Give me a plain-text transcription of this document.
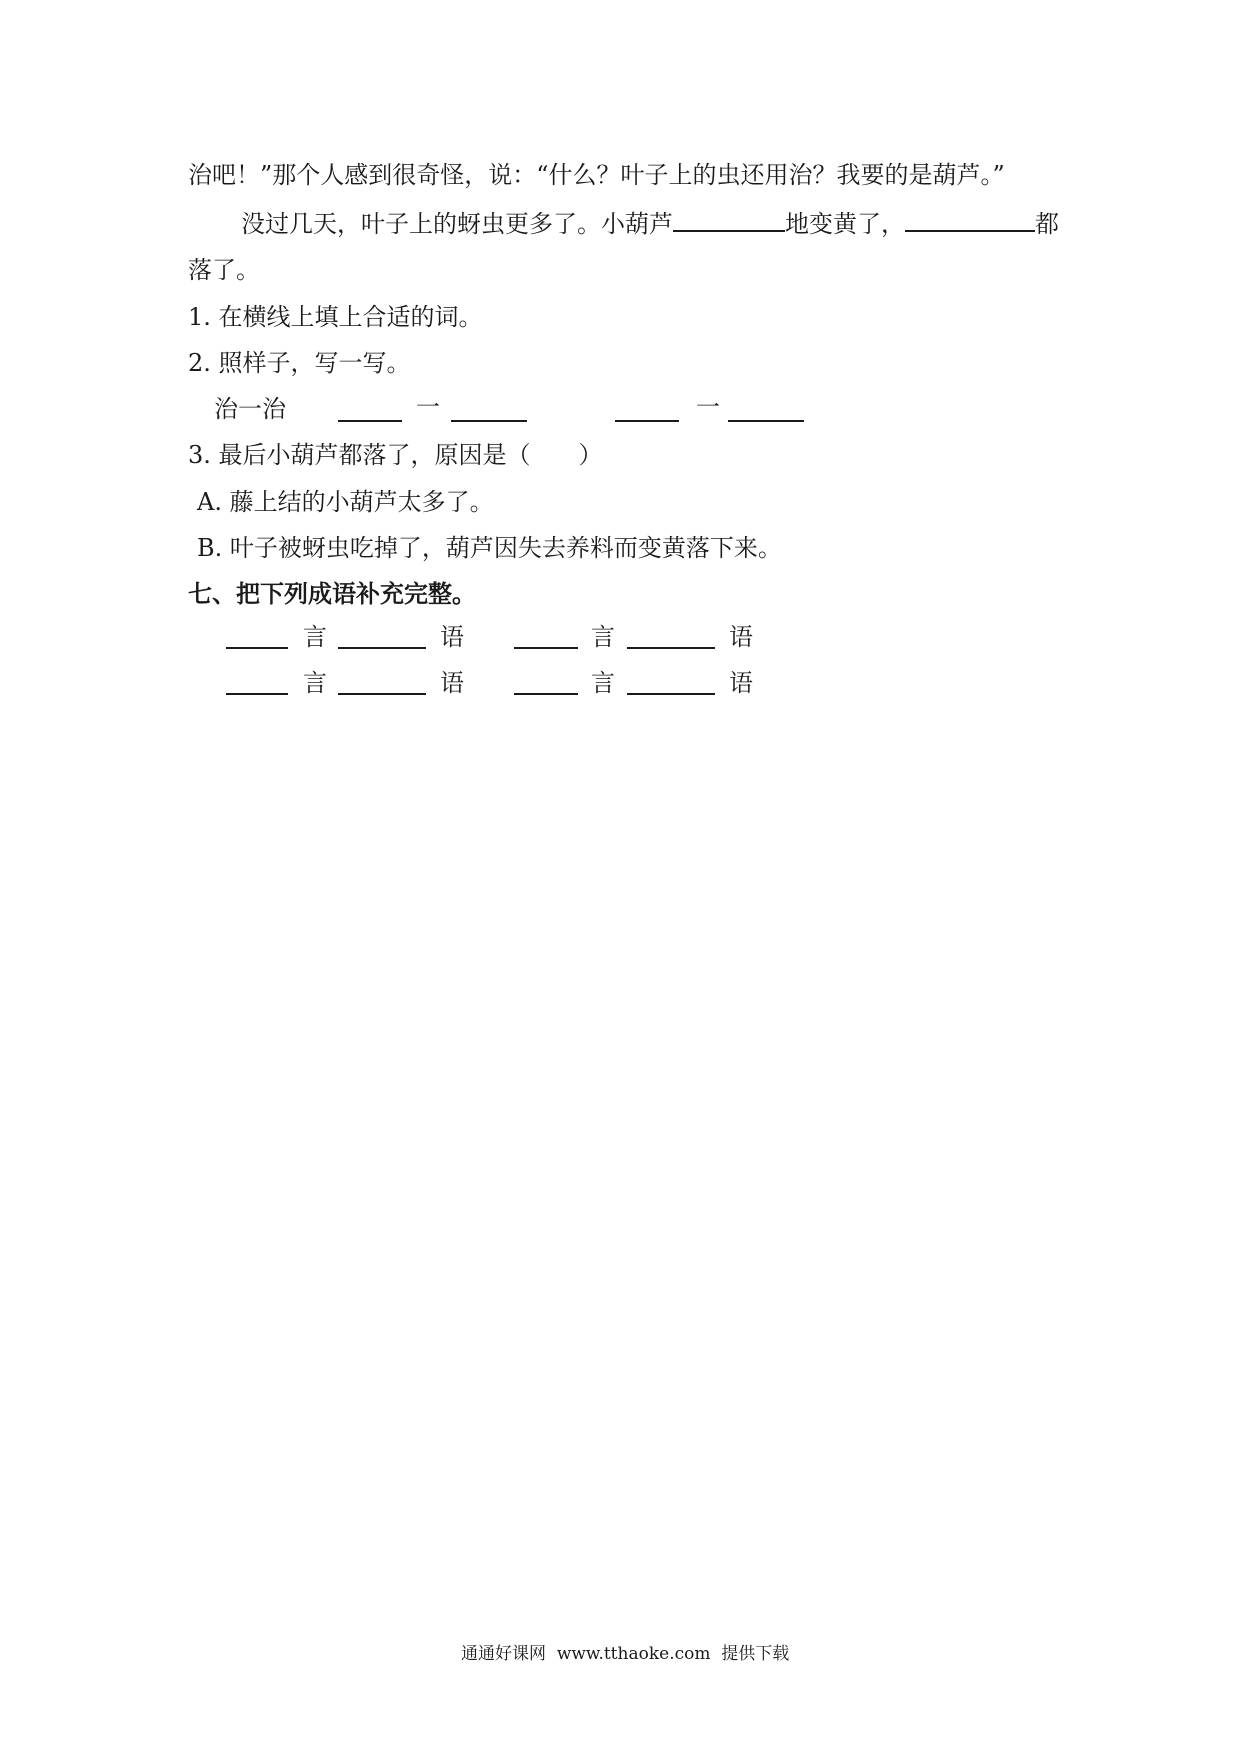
治吧！”那个人感到很奇怪，说：“什么？叶子上的虫还用治？我要的是葫芦。”
没过几天，叶子上的蚜虫更多了。小葫芦	地变黄了，	都
落了。
1. 在横线上填上合适的词。
2. 照样子，写一写。
治一治	一	一
3. 最后小葫芦都落了，原因是（　　）
A. 藤上结的小葫芦太多了。
B. 叶子被蚜虫吃掉了，葫芦因失去养料而变黄落下来。
七、把下列成语补充完整。
言	语	言	语
言	语	言	语
通通好课网 www.tthaoke.com 提供下载
